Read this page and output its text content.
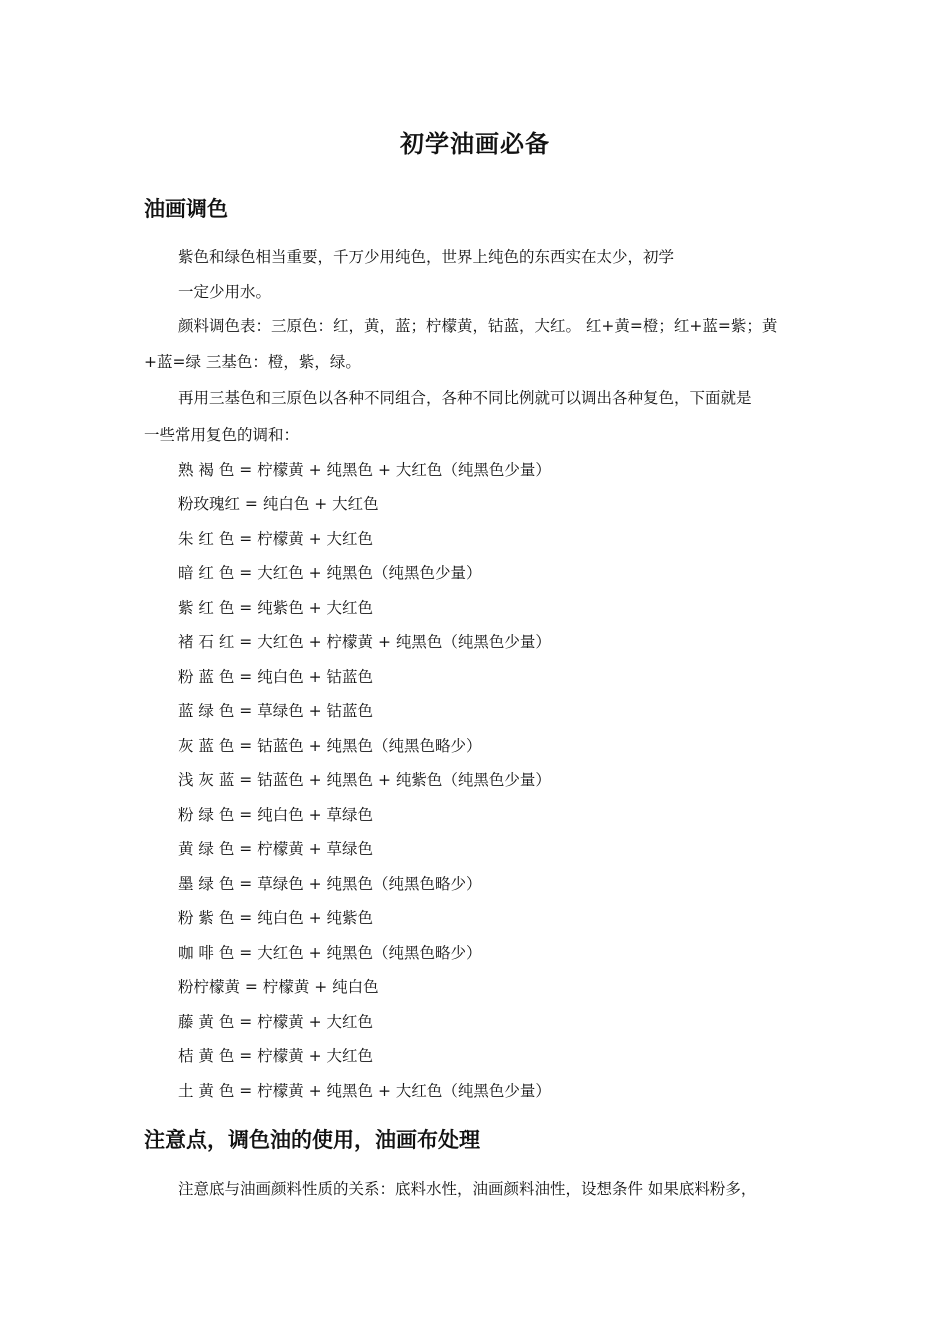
初学油画必备
油画调色
紫色和绿色相当重要，千万少用纯色，世界上纯色的东西实在太少，初学
一定少用水。
颜料调色表：三原色：红，黄，蓝；柠檬黄，钴蓝，大红。 红+黄=橙；红+蓝=紫；黄
+蓝=绿 三基色：橙，紫，绿。
再用三基色和三原色以各种不同组合，各种不同比例就可以调出各种复色，下面就是
一些常用复色的调和：
熟 褐 色 = 柠檬黄 + 纯黑色 + 大红色（纯黑色少量）
粉玫瑰红 = 纯白色 + 大红色
朱 红 色 = 柠檬黄 + 大红色
暗 红 色 = 大红色 + 纯黑色（纯黑色少量）
紫 红 色 = 纯紫色 + 大红色
褚 石 红 = 大红色 + 柠檬黄 + 纯黑色（纯黑色少量）
粉 蓝 色 = 纯白色 + 钴蓝色
蓝 绿 色 = 草绿色 + 钴蓝色
灰 蓝 色 = 钴蓝色 + 纯黑色（纯黑色略少）
浅 灰 蓝 = 钴蓝色 + 纯黑色 + 纯紫色（纯黑色少量）
粉 绿 色 = 纯白色 + 草绿色
黄 绿 色 = 柠檬黄 + 草绿色
墨 绿 色 = 草绿色 + 纯黑色（纯黑色略少）
粉 紫 色 = 纯白色 + 纯紫色
咖 啡 色 = 大红色 + 纯黑色（纯黑色略少）
粉柠檬黄 = 柠檬黄 + 纯白色
藤 黄 色 = 柠檬黄 + 大红色
桔 黄 色 = 柠檬黄 + 大红色
土 黄 色 = 柠檬黄 + 纯黑色 + 大红色（纯黑色少量）
注意点，调色油的使用，油画布处理
注意底与油画颜料性质的关系：底料水性，油画颜料油性，设想条件 如果底料粉多，
